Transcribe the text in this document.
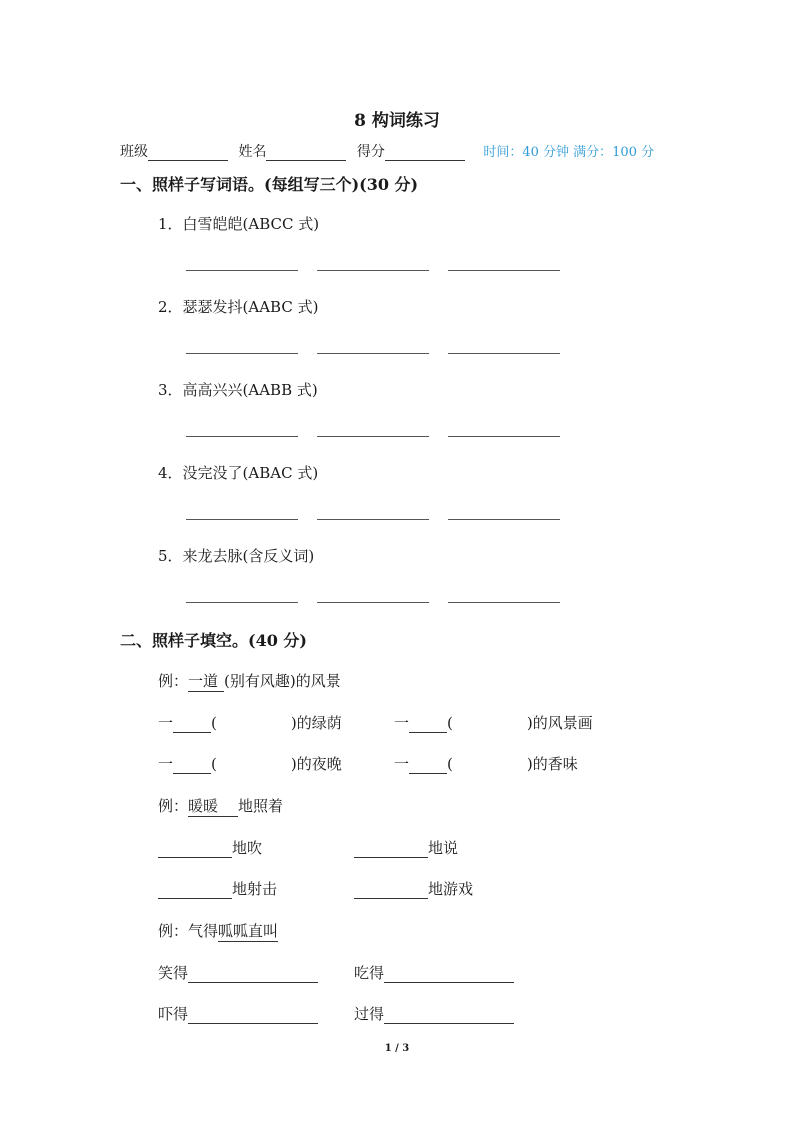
8 构词练习
班级	姓名	得分	时间：40 分钟 满分：100 分
一、照样子写词语。(每组写三个)(30 分)
1．白雪皑皑(ABCC 式)
2．瑟瑟发抖(AABC 式)
3．高高兴兴(AABB 式)
4．没完没了(ABAC 式)
5．来龙去脉(含反义词)
二、照样子填空。(40 分)
例：一道 (别有风趣)的风景
一	(	)的绿荫	一	(	)的风景画
一	(	)的夜晚	一	(	)的香味
例：暖暖 地照着
地吹	地说
地射击	地游戏
例：气得呱呱直叫
笑得	吃得
吓得	过得
1 / 3
